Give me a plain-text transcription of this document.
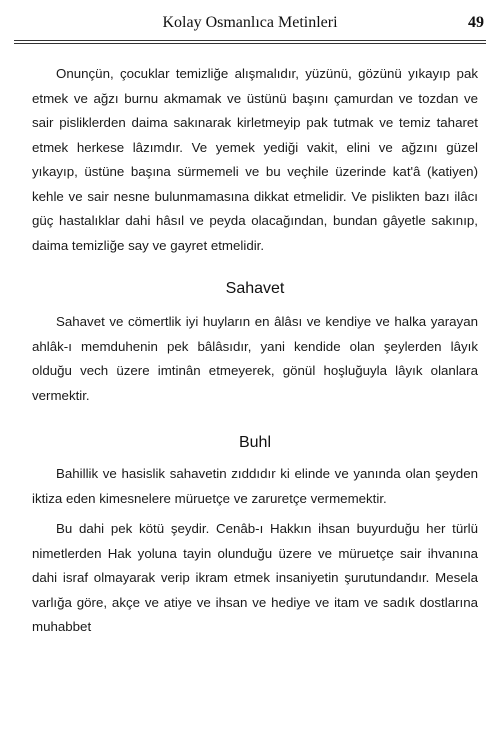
Kolay Osmanlıca Metinleri	49

Onunçün, çocuklar temizliğe alışmalıdır, yüzünü, gözünü yıkayıp pak etmek ve ağzı burnu akmamak ve üstünü başını çamurdan ve tozdan ve sair pisliklerden daima sakınarak kirletmeyip pak tutmak ve temiz taharet etmek herkese lâzımdır. Ve yemek yediği vakit, elini ve ağzını güzel yıkayıp, üstüne başına sürmemeli ve bu veçhile üzerinde kat'â (katiyen) kehle ve sair nesne bulunmamasına dikkat etmelidir. Ve pislikten bazı ilâcı güç hastalıklar dahi hâsıl ve peyda olacağından, bundan gâyetle sakınıp, daima temizliğe say ve gayret etmelidir.

Sahavet

Sahavet ve cömertlik iyi huyların en âlâsı ve kendiye ve halka yarayan ahlâk-ı memduhenin pek bâlâsıdır, yani kendide olan şeylerden lâyık olduğu vech üzere imtinân etmeyerek, gönül hoşluğuyla lâyık olanlara vermektir.

Buhl

Bahillik ve hasislik sahavetin zıddıdır ki elinde ve yanında olan şeyden iktiza eden kimesnelere müruetçe ve zaruretçe vermemektir.

Bu dahi pek kötü şeydir. Cenâb-ı Hakkın ihsan buyurduğu her türlü nimetlerden Hak yoluna tayin olunduğu üzere ve müruetçe sair ihvanına dahi israf olmayarak verip ikram etmek insaniyetin şurutundandır. Mesela varlığa göre, akçe ve atiye ve ihsan ve hediye ve itam ve sadık dostlarına muhabbet
